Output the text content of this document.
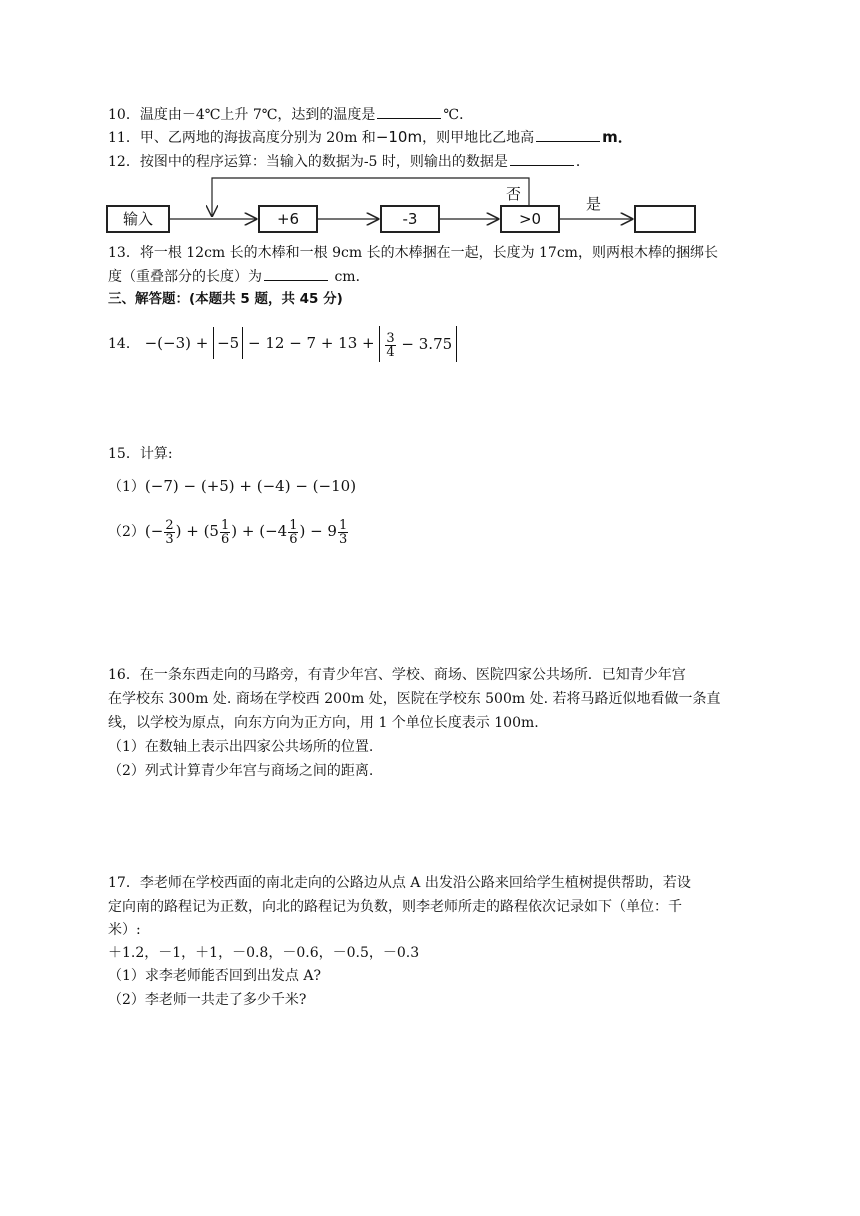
10．温度由－4℃上升 7℃，达到的温度是	℃．
11．甲、乙两地的海拔高度分别为 20m 和−10m，则甲地比乙地高	m．
12．按图中的程序运算：当输入的数据为-5 时，则输出的数据是	．
输入	+6	-3	>0
否
是
13．将一根 12cm 长的木棒和一根 9cm 长的木棒捆在一起，长度为 17cm，则两根木棒的捆绑长
度（重叠部分的长度）为	cm．
三、解答题：(本题共 5 题，共 45 分)
14． $-(-3) + -5 - 12 - 7 + 13 + \frac{3}{4} - 3.75$
15．计算:
（1）(−7) − (+5) + (−4) − (−10)
$(2)(- \frac{2}{3}$ ) + ($5 \frac{1}{6}$ ) + ($-4 \frac{1}{6}$ ) − $9 \frac{1}{3}$
16．在一条东西走向的马路旁，有青少年宫、学校、商场、医院四家公共场所．已知青少年宫
在学校东 300m 处. 商场在学校西 200m 处，医院在学校东 500m 处. 若将马路近似地看做一条直
线，以学校为原点，向东方向为正方向，用 1 个单位长度表示 100m.
（1）在数轴上表示出四家公共场所的位置.
（2）列式计算青少年宫与商场之间的距离.
17．李老师在学校西面的南北走向的公路边从点 A 出发沿公路来回给学生植树提供帮助，若设
定向南的路程记为正数，向北的路程记为负数，则李老师所走的路程依次记录如下（单位：千
米）:
＋1.2，－1，＋1，－0.8，－0.6，－0.5，－0.3
（1）求李老师能否回到出发点 A?
（2）李老师一共走了多少千米?
